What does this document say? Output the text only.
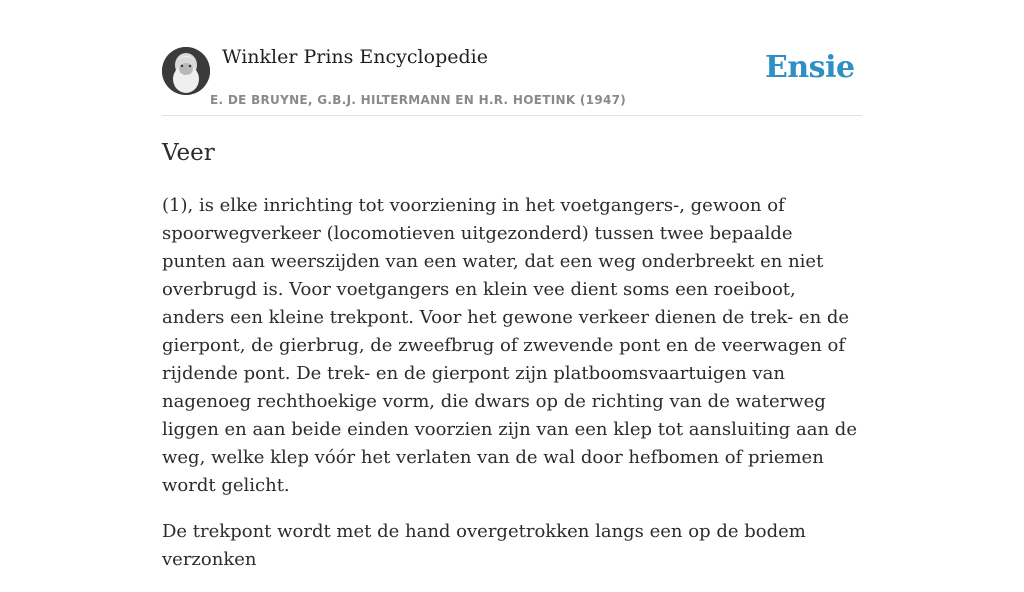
Winkler Prins Encyclopedie
E. DE BRUYNE, G.B.J. HILTERMANN EN H.R. HOETINK (1947)
Ensie
Veer

(1), is elke inrichting tot voorziening in het voetgangers-, gewoon of spoorwegverkeer (locomotieven uitgezonderd) tussen twee bepaalde punten aan weerszijden van een water, dat een weg onderbreekt en niet overbrugd is. Voor voetgangers en klein vee dient soms een roeiboot, anders een kleine trekpont. Voor het gewone verkeer dienen de trek- en de gierpont, de gierbrug, de zweefbrug of zwevende pont en de veerwagen of rijdende pont. De trek- en de gierpont zijn platboomsvaartuigen van nagenoeg rechthoekige vorm, die dwars op de richting van de waterweg liggen en aan beide einden voorzien zijn van een klep tot aansluiting aan de weg, welke klep vóór het verlaten van de wal door hefbomen of priemen wordt gelicht.

De trekpont wordt met de hand overgetrokken langs een op de bodem verzonken
